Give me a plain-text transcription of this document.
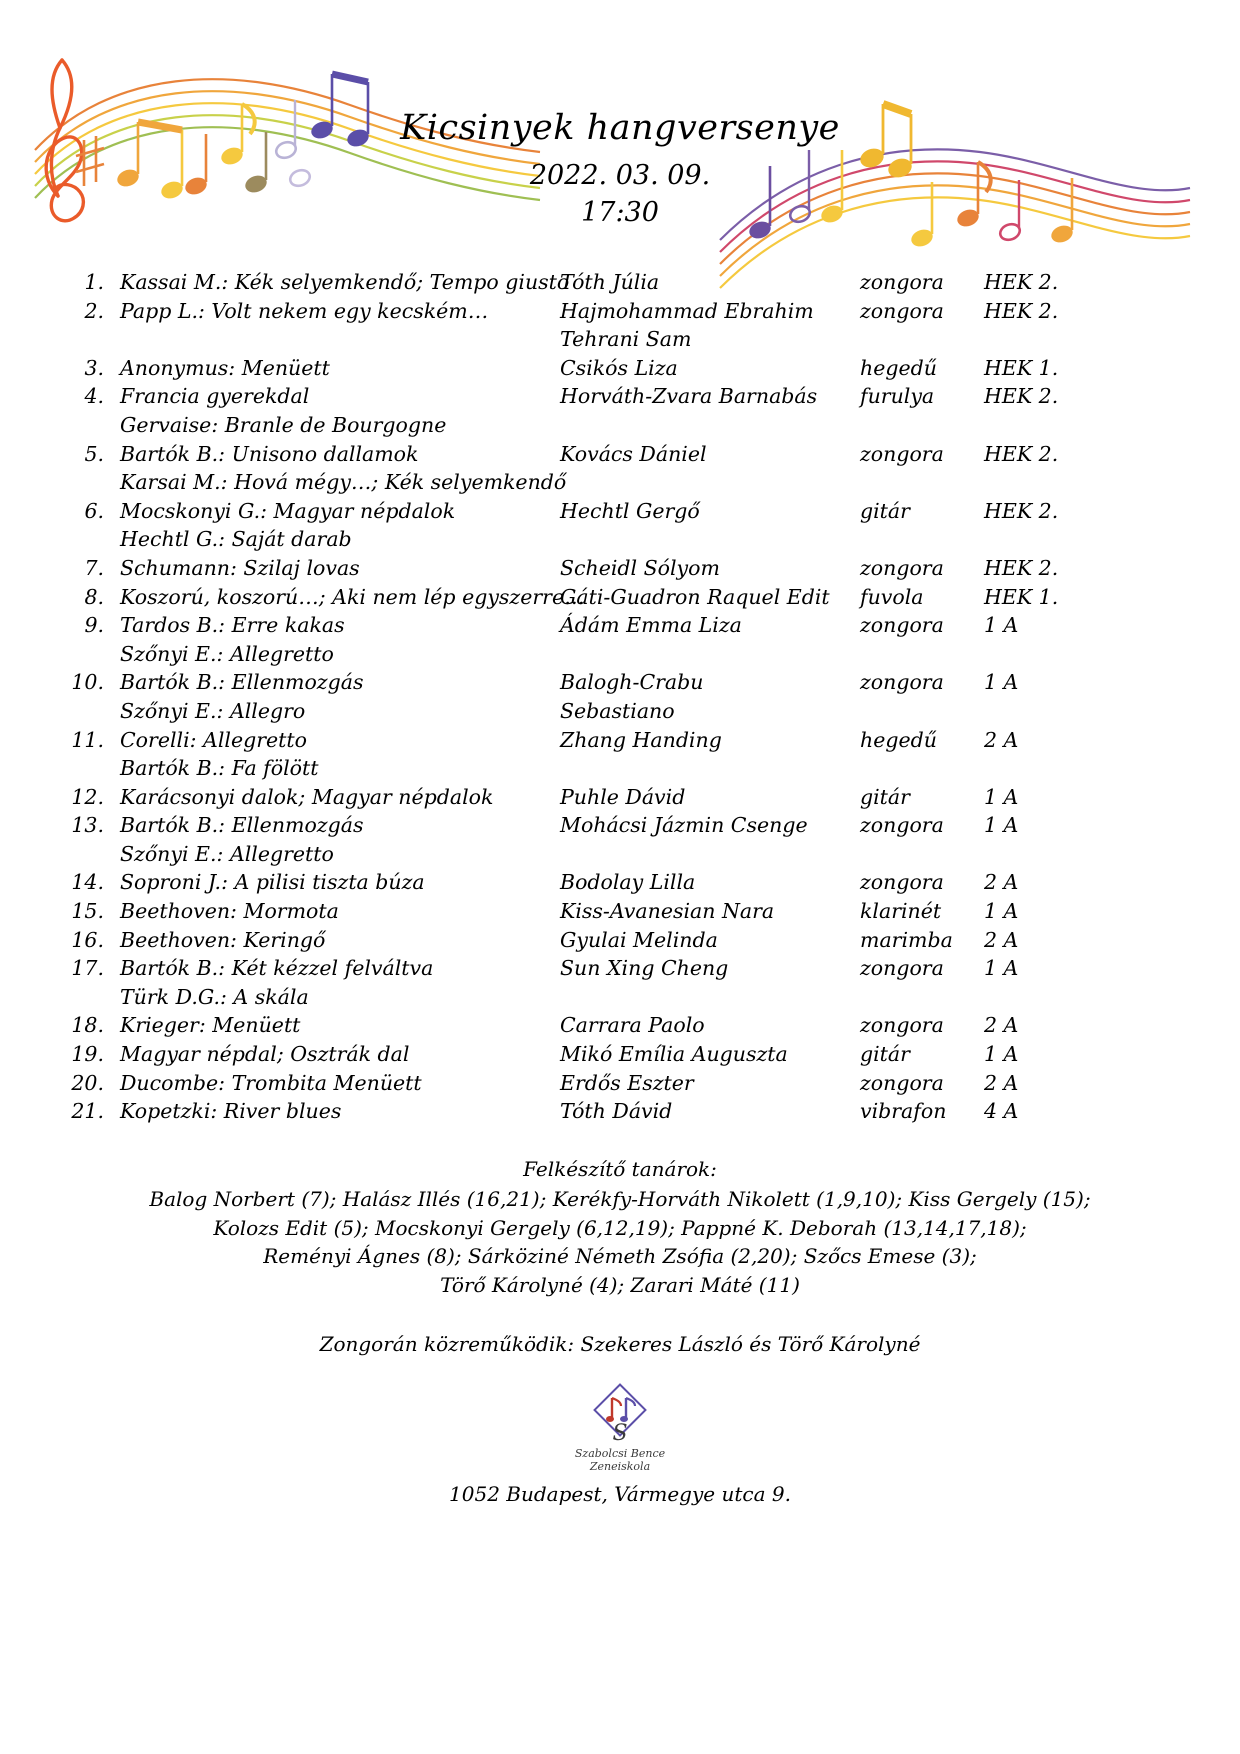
Kicsinyek hangversenye
2022. 03. 09.
17:30
1. Kassai M.: Kék selyemkendő; Tempo giusto
Tóth Júlia	zongora	HEK 2.
2. Papp L.: Volt nekem egy kecském…	Hajmohammad Ebrahim
Tehrani Sam
zongora	HEK 2.
3. Anonymus: Menüett	Csikós Liza	hegedű	HEK 1.
4. Francia gyerekdal
Gervaise: Branle de Bourgogne
Horváth-Zvara Barnabás	furulya	HEK 2.
5. Bartók B.: Unisono dallamok
Karsai M.: Hová mégy…; Kék selyemkendő
Kovács Dániel	zongora	HEK 2.
6. Mocskonyi G.: Magyar népdalok
Hechtl G.: Saját darab
Hechtl Gergő	gitár	HEK 2.
7. Schumann: Szilaj lovas	Scheidl Sólyom	zongora	HEK 2.
8. Koszorú, koszorú…; Aki nem lép egyszerre…
Gáti-Guadron Raquel Edit	fuvola	HEK 1.
9. Tardos B.: Erre kakas
Szőnyi E.: Allegretto
Ádám Emma Liza	zongora	1 A
10. Bartók B.: Ellenmozgás
Szőnyi E.: Allegro
Balogh-Crabu
Sebastiano
zongora	1 A
11. Corelli: Allegretto
Bartók B.: Fa fölött
Zhang Handing	hegedű	2 A
12. Karácsonyi dalok; Magyar népdalok	Puhle Dávid	gitár	1 A
13. Bartók B.: Ellenmozgás
Szőnyi E.: Allegretto
Mohácsi Jázmin Csenge	zongora	1 A
14. Soproni J.: A pilisi tiszta búza	Bodolay Lilla	zongora	2 A
15. Beethoven: Mormota	Kiss-Avanesian Nara	klarinét	1 A
16. Beethoven: Keringő	Gyulai Melinda	marimba	2 A
17. Bartók B.: Két kézzel felváltva
Türk D.G.: A skála
Sun Xing Cheng	zongora	1 A
18. Krieger: Menüett	Carrara Paolo	zongora	2 A
19. Magyar népdal; Osztrák dal	Mikó Emília Auguszta	gitár	1 A
20. Ducombe: Trombita Menüett	Erdős Eszter	zongora	2 A
21. Kopetzki: River blues	Tóth Dávid	vibrafon	4 A
Felkészítő tanárok:
Balog Norbert (7); Halász Illés (16,21); Kerékfy-Horváth Nikolett (1,9,10); Kiss Gergely (15);
Kolozs Edit (5); Mocskonyi Gergely (6,12,19); Pappné K. Deborah (13,14,17,18);
Reményi Ágnes (8); Sárköziné Németh Zsófia (2,20); Szőcs Emese (3);
Törő Károlyné (4); Zarari Máté (11)
Zongorán közreműködik: Szekeres László és Törő Károlyné
S
Szabolcsi Bence
Zeneiskola
1052 Budapest, Vármegye utca 9.
